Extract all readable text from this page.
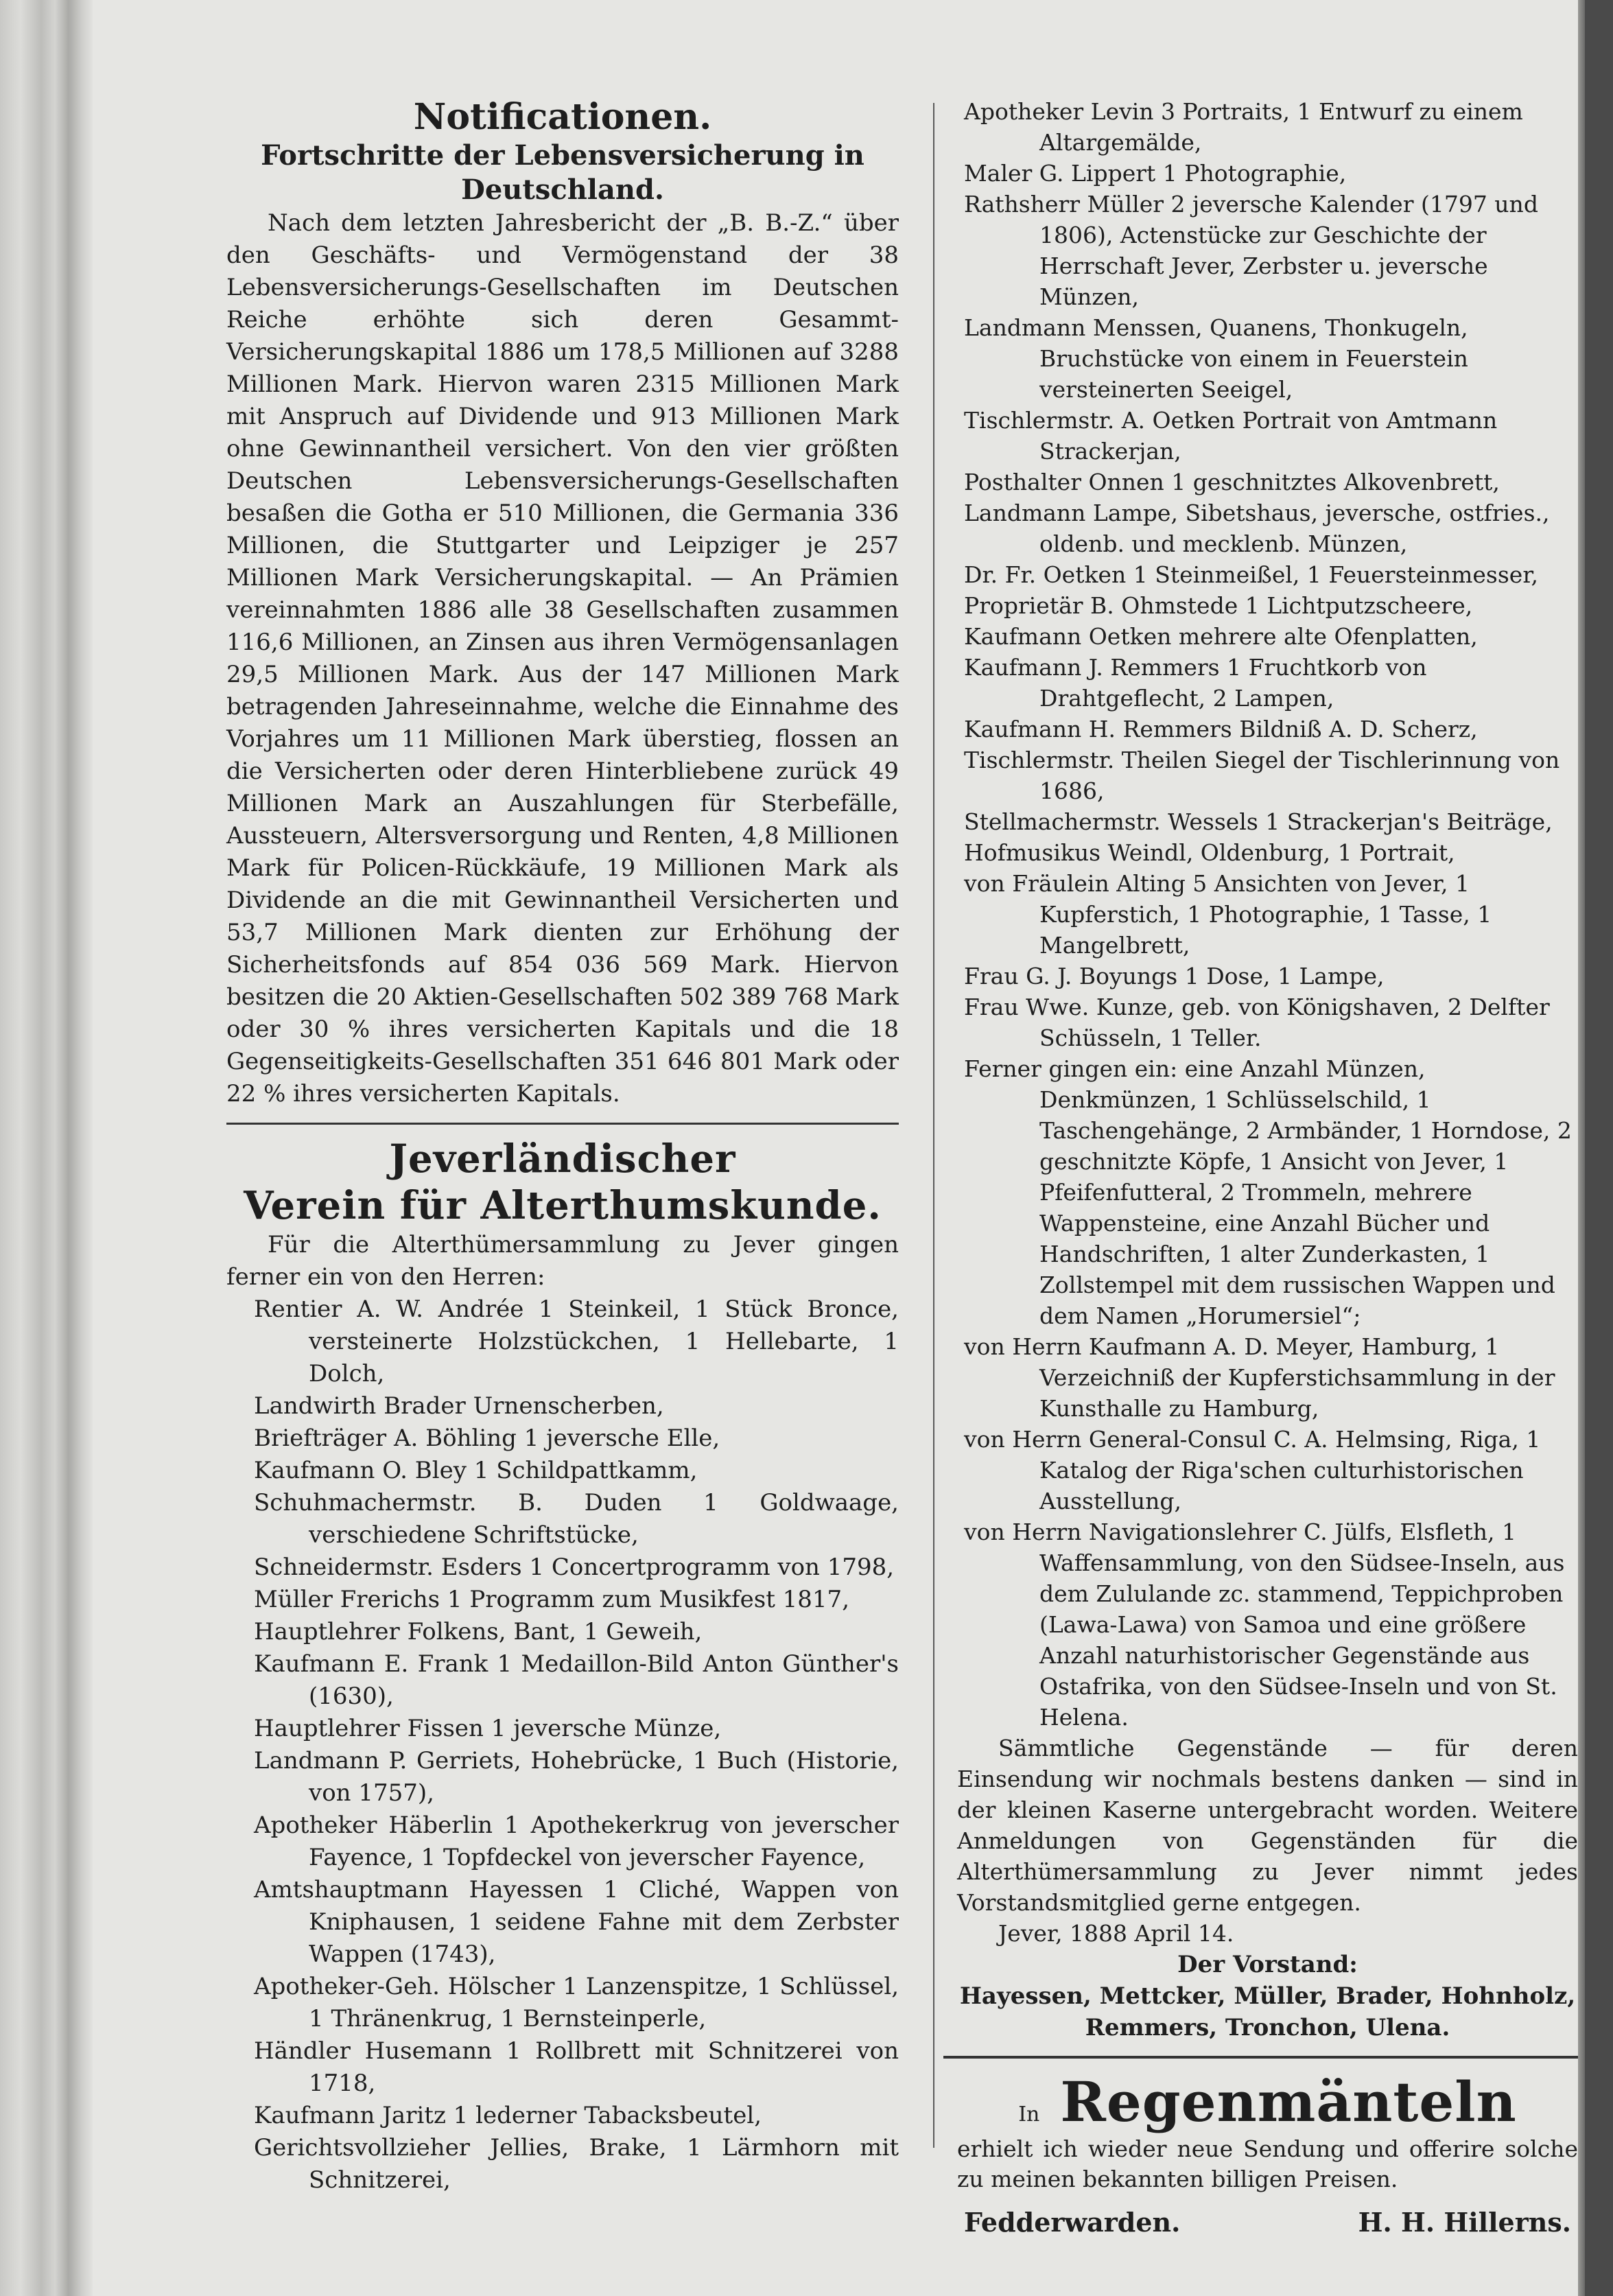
Notificationen.
Fortschritte der Lebensversicherung in Deutschland.

Nach dem letzten Jahresbericht der „B. B.-Z.“ über den Geschäfts- und Vermögenstand der 38 Lebensversicherungs-Gesellschaften im Deutschen Reiche erhöhte sich deren Gesammt-Versicherungskapital 1886 um 178,5 Millionen auf 3288 Millionen Mark. Hiervon waren 2315 Millionen Mark mit Anspruch auf Dividende und 913 Millionen Mark ohne Gewinnantheil versichert. Von den vier größten Deutschen Lebensversicherungs-Gesellschaften besaßen die Gotha er 510 Millionen, die Germania 336 Millionen, die Stuttgarter und Leipziger je 257 Millionen Mark Versicherungskapital. — An Prämien vereinnahmten 1886 alle 38 Gesellschaften zusammen 116,6 Millionen, an Zinsen aus ihren Vermögensanlagen 29,5 Millionen Mark. Aus der 147 Millionen Mark betragenden Jahreseinnahme, welche die Einnahme des Vorjahres um 11 Millionen Mark überstieg, flossen an die Versicherten oder deren Hinterbliebene zurück 49 Millionen Mark an Auszahlungen für Sterbefälle, Aussteuern, Altersversorgung und Renten, 4,8 Millionen Mark für Policen-Rückkäufe, 19 Millionen Mark als Dividende an die mit Gewinnantheil Versicherten und 53,7 Millionen Mark dienten zur Erhöhung der Sicherheitsfonds auf 854 036 569 Mark. Hiervon besitzen die 20 Aktien-Gesellschaften 502 389 768 Mark oder 30 % ihres versicherten Kapitals und die 18 Gegenseitigkeits-Gesellschaften 351 646 801 Mark oder 22 % ihres versicherten Kapitals.

Jeverländischer
Verein für Alterthumskunde.

Für die Alterthümersammlung zu Jever gingen ferner ein von den Herren:

Rentier A. W. Andrée 1 Steinkeil, 1 Stück Bronce, versteinerte Holzstückchen, 1 Hellebarte, 1 Dolch,

Landwirth Brader Urnenscherben,

Briefträger A. Böhling 1 jeversche Elle,

Kaufmann O. Bley 1 Schildpattkamm,

Schuhmachermstr. B. Duden 1 Goldwaage, verschiedene Schriftstücke,

Schneidermstr. Esders 1 Concertprogramm von 1798,

Müller Frerichs 1 Programm zum Musikfest 1817,

Hauptlehrer Folkens, Bant, 1 Geweih,

Kaufmann E. Frank 1 Medaillon-Bild Anton Günther's (1630),

Hauptlehrer Fissen 1 jeversche Münze,

Landmann P. Gerriets, Hohebrücke, 1 Buch (Historie, von 1757),

Apotheker Häberlin 1 Apothekerkrug von jeverscher Fayence, 1 Topfdeckel von jeverscher Fayence,

Amtshauptmann Hayessen 1 Cliché, Wappen von Kniphausen, 1 seidene Fahne mit dem Zerbster Wappen (1743),

Apotheker-Geh. Hölscher 1 Lanzenspitze, 1 Schlüssel, 1 Thränenkrug, 1 Bernsteinperle,

Händler Husemann 1 Rollbrett mit Schnitzerei von 1718,

Kaufmann Jaritz 1 lederner Tabacksbeutel,

Gerichtsvollzieher Jellies, Brake, 1 Lärmhorn mit Schnitzerei,

Apotheker Levin 3 Portraits, 1 Entwurf zu einem Altargemälde,

Maler G. Lippert 1 Photographie,

Rathsherr Müller 2 jeversche Kalender (1797 und 1806), Actenstücke zur Geschichte der Herrschaft Jever, Zerbster u. jeversche Münzen,

Landmann Menssen, Quanens, Thonkugeln, Bruchstücke von einem in Feuerstein versteinerten Seeigel,

Tischlermstr. A. Oetken Portrait von Amtmann Strackerjan,

Posthalter Onnen 1 geschnitztes Alkovenbrett,

Landmann Lampe, Sibetshaus, jeversche, ostfries., oldenb. und mecklenb. Münzen,

Dr. Fr. Oetken 1 Steinmeißel, 1 Feuersteinmesser,

Proprietär B. Ohmstede 1 Lichtputzscheere,

Kaufmann Oetken mehrere alte Ofenplatten,

Kaufmann J. Remmers 1 Fruchtkorb von Drahtgeflecht, 2 Lampen,

Kaufmann H. Remmers Bildniß A. D. Scherz,

Tischlermstr. Theilen Siegel der Tischlerinnung von 1686,

Stellmachermstr. Wessels 1 Strackerjan's Beiträge,

Hofmusikus Weindl, Oldenburg, 1 Portrait,

von Fräulein Alting 5 Ansichten von Jever, 1 Kupferstich, 1 Photographie, 1 Tasse, 1 Mangelbrett,

Frau G. J. Boyungs 1 Dose, 1 Lampe,

Frau Wwe. Kunze, geb. von Königshaven, 2 Delfter Schüsseln, 1 Teller.

Ferner gingen ein: eine Anzahl Münzen, Denkmünzen, 1 Schlüsselschild, 1 Taschengehänge, 2 Armbänder, 1 Horndose, 2 geschnitzte Köpfe, 1 Ansicht von Jever, 1 Pfeifenfutteral, 2 Trommeln, mehrere Wappensteine, eine Anzahl Bücher und Handschriften, 1 alter Zunderkasten, 1 Zollstempel mit dem russischen Wappen und dem Namen „Horumersiel“;

von Herrn Kaufmann A. D. Meyer, Hamburg, 1 Verzeichniß der Kupferstichsammlung in der Kunsthalle zu Hamburg,

von Herrn General-Consul C. A. Helmsing, Riga, 1 Katalog der Riga'schen culturhistorischen Ausstellung,

von Herrn Navigationslehrer C. Jülfs, Elsfleth, 1 Waffensammlung, von den Südsee-Inseln, aus dem Zululande zc. stammend, Teppichproben (Lawa-Lawa) von Samoa und eine größere Anzahl naturhistorischer Gegenstände aus Ostafrika, von den Südsee-Inseln und von St. Helena.

Sämmtliche Gegenstände — für deren Einsendung wir nochmals bestens danken — sind in der kleinen Kaserne untergebracht worden. Weitere Anmeldungen von Gegenständen für die Alterthümersammlung zu Jever nimmt jedes Vorstandsmitglied gerne entgegen.

Jever, 1888 April 14.

Der Vorstand:

Hayessen, Mettcker, Müller, Brader, Hohnholz, Remmers, Tronchon, Ulena.

In Regenmänteln

erhielt ich wieder neue Sendung und offerire solche zu meinen bekannten billigen Preisen.

Fedderwarden.	H. H. Hillerns.
